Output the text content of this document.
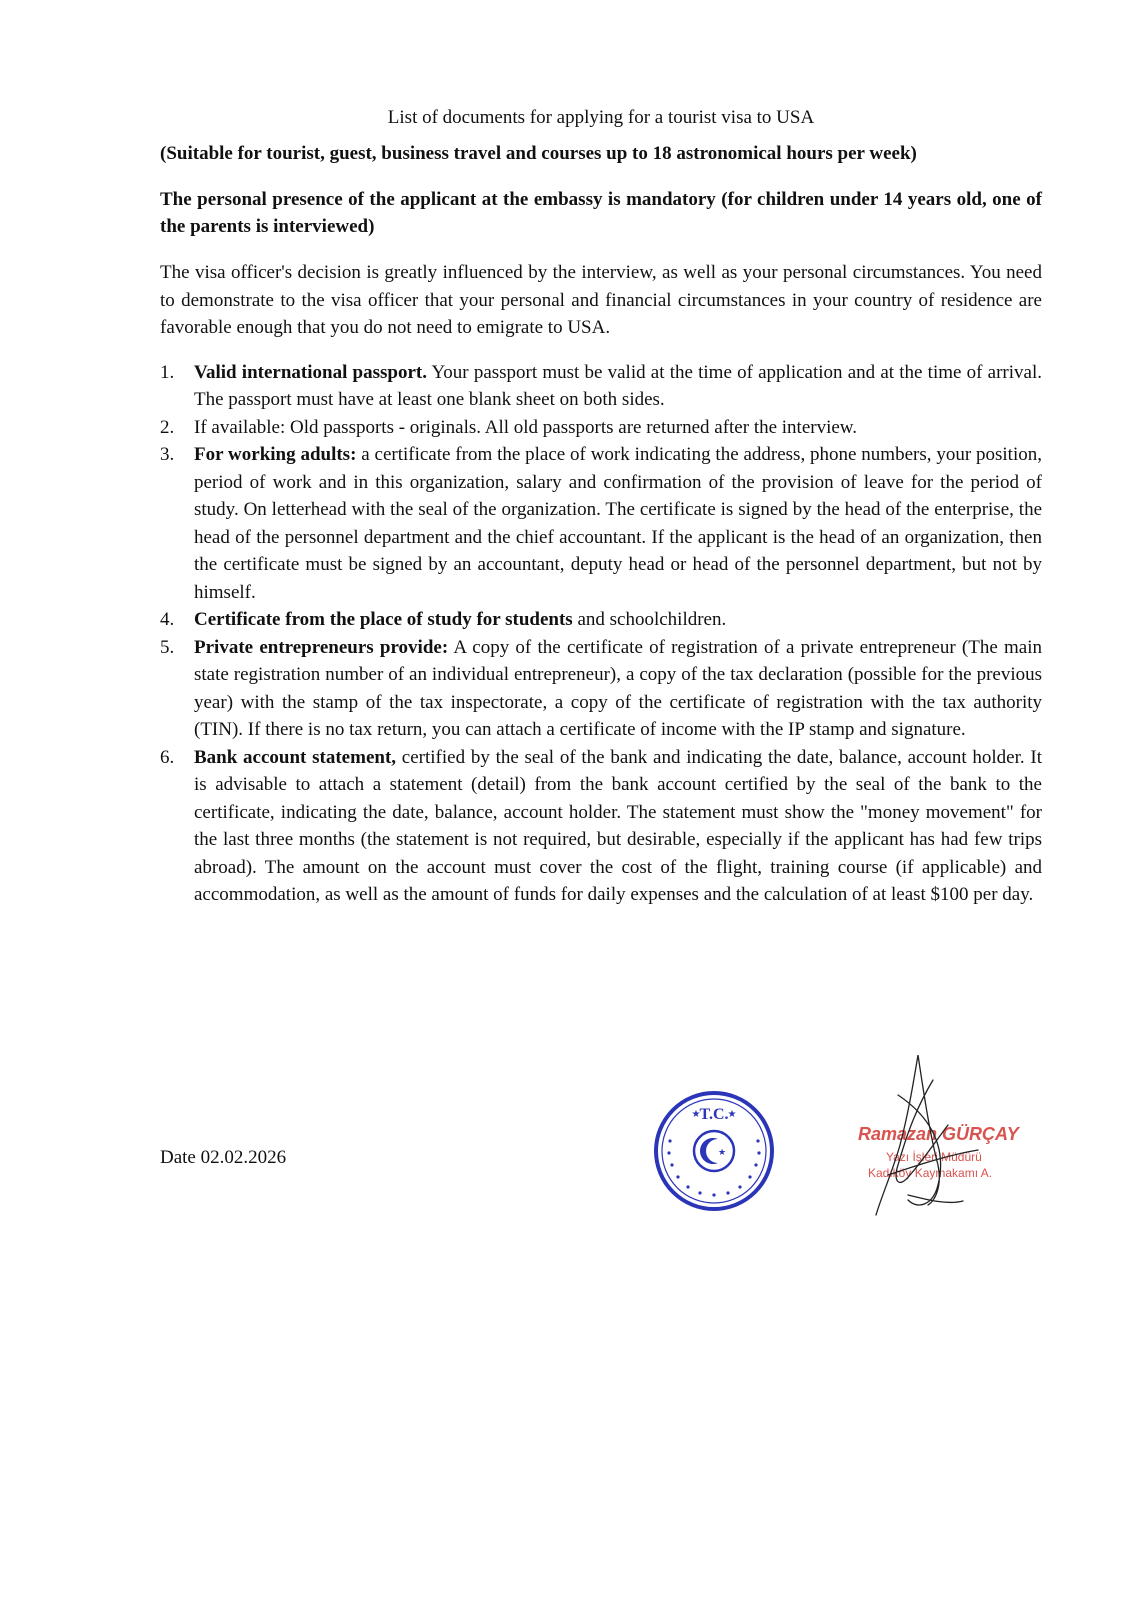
List of documents for applying for a tourist visa to USA

(Suitable for tourist, guest, business travel and courses up to 18 astronomical hours per week)

The personal presence of the applicant at the embassy is mandatory (for children under 14 years old, one of the parents is interviewed)

The visa officer's decision is greatly influenced by the interview, as well as your personal circumstances. You need to demonstrate to the visa officer that your personal and financial circumstances in your country of residence are favorable enough that you do not need to emigrate to USA.

1. Valid international passport. Your passport must be valid at the time of application and at the time of arrival. The passport must have at least one blank sheet on both sides.
2. If available: Old passports - originals. All old passports are returned after the interview.
3. For working adults: a certificate from the place of work indicating the address, phone numbers, your position, period of work and in this organization, salary and confirmation of the provision of leave for the period of study. On letterhead with the seal of the organization. The certificate is signed by the head of the enterprise, the head of the personnel department and the chief accountant. If the applicant is the head of an organization, then the certificate must be signed by an accountant, deputy head or head of the personnel department, but not by himself.
4. Certificate from the place of study for students and schoolchildren.
5. Private entrepreneurs provide: A copy of the certificate of registration of a private entrepreneur (The main state registration number of an individual entrepreneur), a copy of the tax declaration (possible for the previous year) with the stamp of the tax inspectorate, a copy of the certificate of registration with the tax authority (TIN). If there is no tax return, you can attach a certificate of income with the IP stamp and signature.
6. Bank account statement, certified by the seal of the bank and indicating the date, balance, account holder. It is advisable to attach a statement (detail) from the bank account certified by the seal of the bank to the certificate, indicating the date, balance, account holder. The statement must show the "money movement" for the last three months (the statement is not required, but desirable, especially if the applicant has had few trips abroad). The amount on the account must cover the cost of the flight, training course (if applicable) and accommodation, as well as the amount of funds for daily expenses and the calculation of at least $100 per day.
Date 02.02.2026
T.C.
★	★
★
Ramazan GÜRÇAY
Yazı İşleri Müdürü
Kadıköy Kaymakamı A.
